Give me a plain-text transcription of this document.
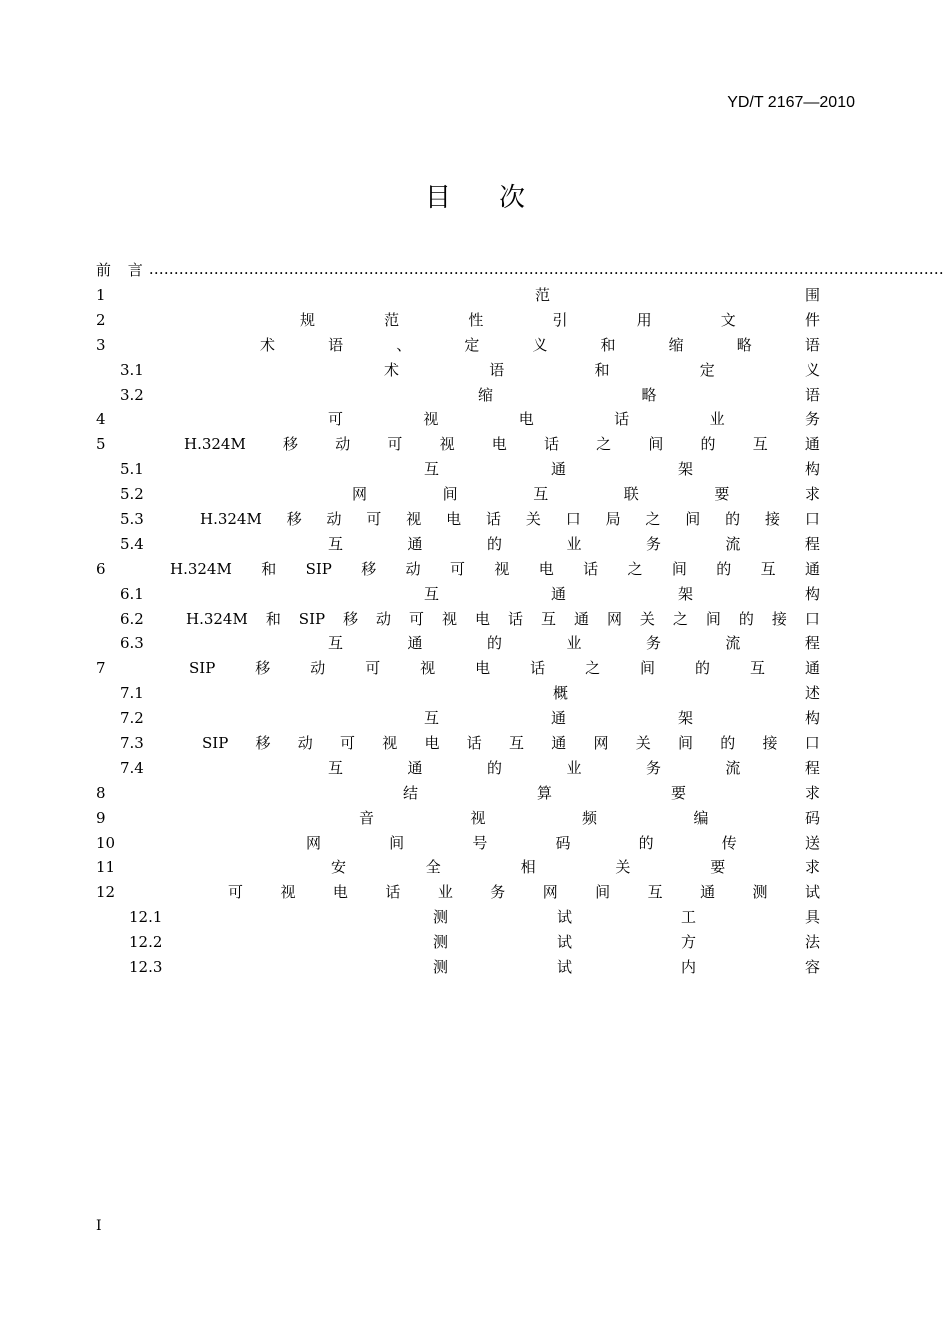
YD/T 2167—2010
目 次
前 言 ……………………………………………………………………………………………………………………………………………
1	范	围
2	规	范	性	引	用	文	件
3	术	语	、	定	义	和	缩	略	语
3.1	术	语	和	定	义
3.2	缩	略	语
4	可	视	电	话	业	务
5	H.324M 移 动 可 视 电 话 之 间 的 互 通
5.1	互	通	架	构
5.2	网	间	互	联	要	求
5.3	H.324M 移 动 可 视 电 话 关 口 局 之 间 的 接 口
5.4	互	通	的	业	务	流	程
6	H.324M 和 SIP 移 动 可 视 电 话 之 间 的 互 通
6.1	互	通	架	构
6.2	H.324M 和 SIP 移 动 可 视 电 话 互 通 网 关 之 间 的 接 口
6.3	互	通	的	业	务	流	程
7	SIP	移	动	可	视	电	话	之	间	的	互	通
7.1	概	述
7.2	互	通	架	构
7.3	SIP 移 动 可 视 电 话 互 通 网 关 间 的 接 口
7.4	互	通	的	业	务	流	程
8	结	算	要	求
9	音	视	频	编	码
10	网	间	号	码	的	传	送
11	安	全	相	关	要	求
12	可 视 电 话 业 务 网 间 互 通 测 试
12.1	测	试	工	具
12.2	测	试	方	法
12.3	测	试	内	容
I
